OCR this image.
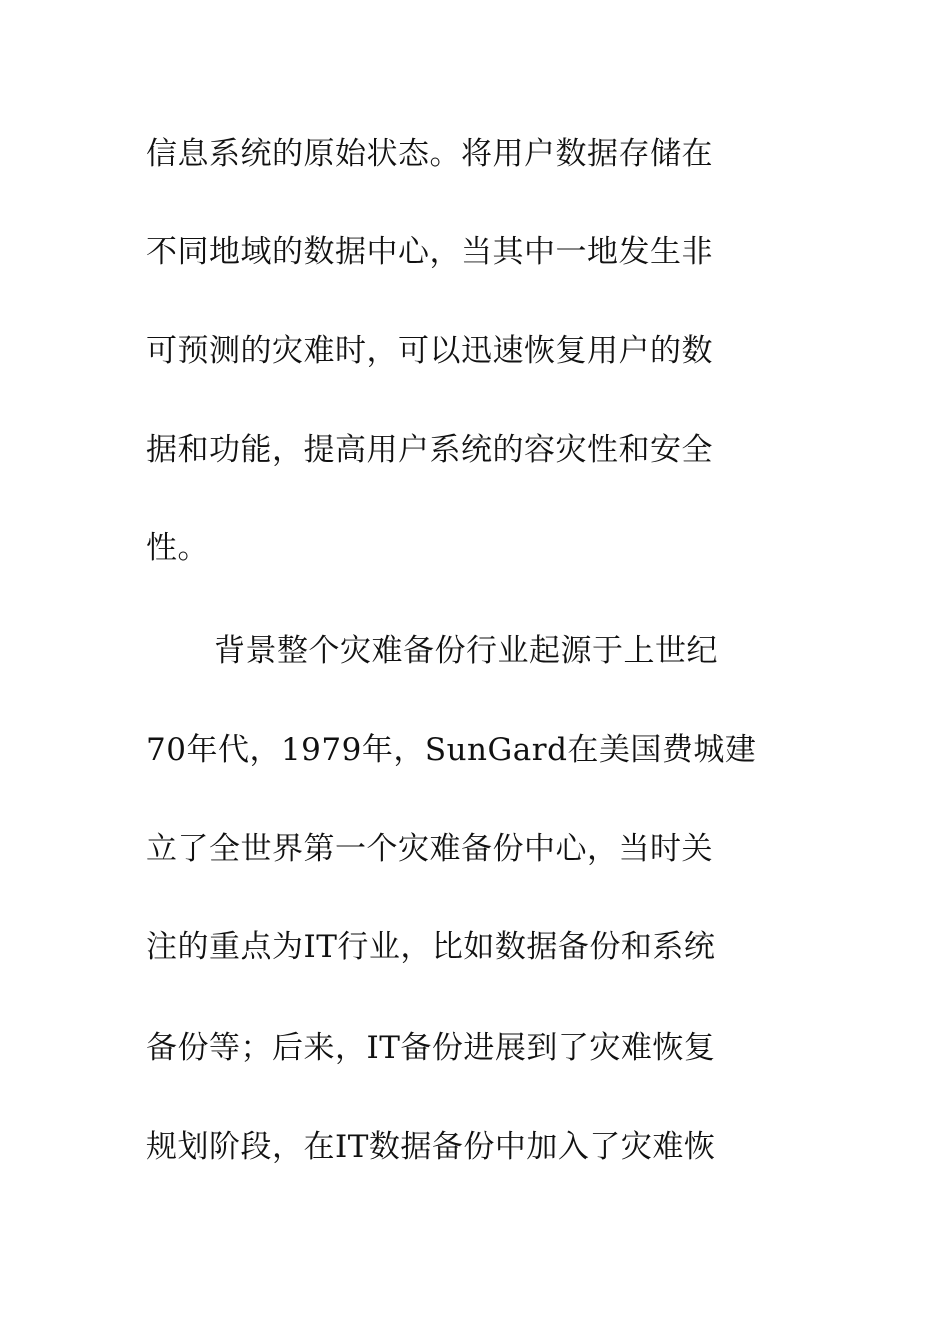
信息系统的原始状态。将用户数据存储在
不同地域的数据中心，当其中一地发生非
可预测的灾难时，可以迅速恢复用户的数
据和功能，提高用户系统的容灾性和安全
性。
背景整个灾难备份行业起源于上世纪
70年代，1979年，SunGard在美国费城建
立了全世界第一个灾难备份中心，当时关
注的重点为IT行业，比如数据备份和系统
备份等；后来，IT备份进展到了灾难恢复
规划阶段，在IT数据备份中加入了灾难恢
